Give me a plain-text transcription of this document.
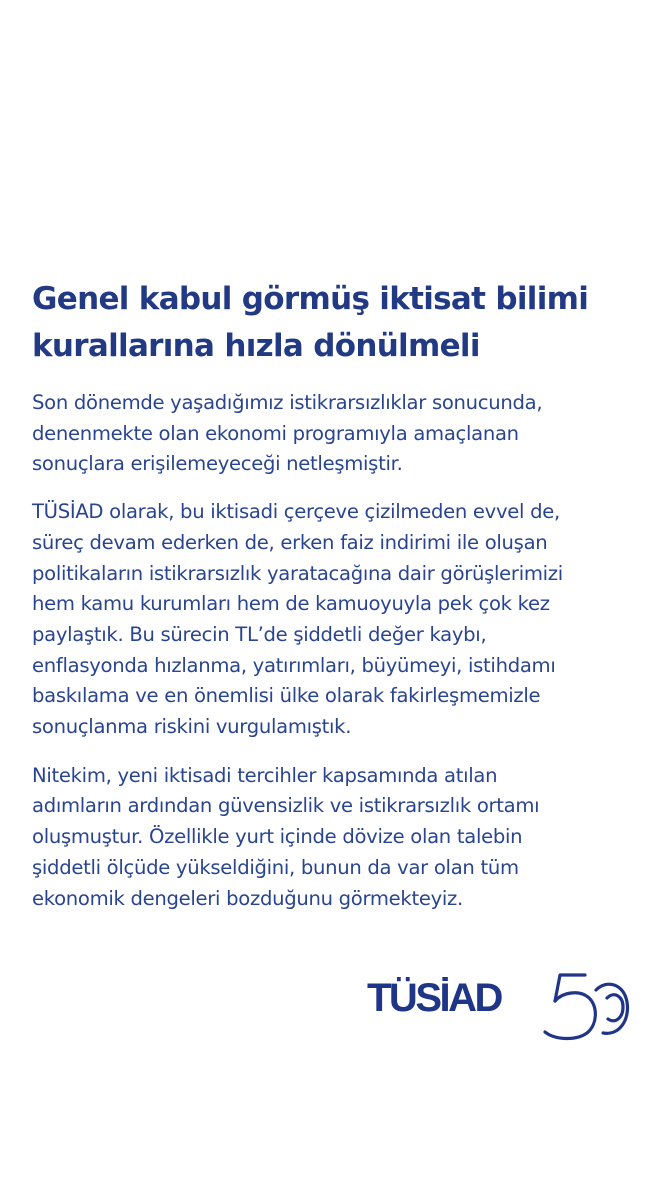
Genel kabul görmüş iktisat bilimi
kurallarına hızla dönülmeli

Son dönemde yaşadığımız istikrarsızlıklar sonucunda,
denenmekte olan ekonomi programıyla amaçlanan
sonuçlara erişilemeyeceği netleşmiştir.

TÜSİAD olarak, bu iktisadi çerçeve çizilmeden evvel de,
süreç devam ederken de, erken faiz indirimi ile oluşan
politikaların istikrarsızlık yaratacağına dair görüşlerimizi
hem kamu kurumları hem de kamuoyuyla pek çok kez
paylaştık. Bu sürecin TL’de şiddetli değer kaybı,
enflasyonda hızlanma, yatırımları, büyümeyi, istihdamı
baskılama ve en önemlisi ülke olarak fakirleşmemizle
sonuçlanma riskini vurgulamıştık.

Nitekim, yeni iktisadi tercihler kapsamında atılan
adımların ardından güvensizlik ve istikrarsızlık ortamı
oluşmuştur. Özellikle yurt içinde dövize olan talebin
şiddetli ölçüde yükseldiğini, bunun da var olan tüm
ekonomik dengeleri bozduğunu görmekteyiz.

TÜSİAD
